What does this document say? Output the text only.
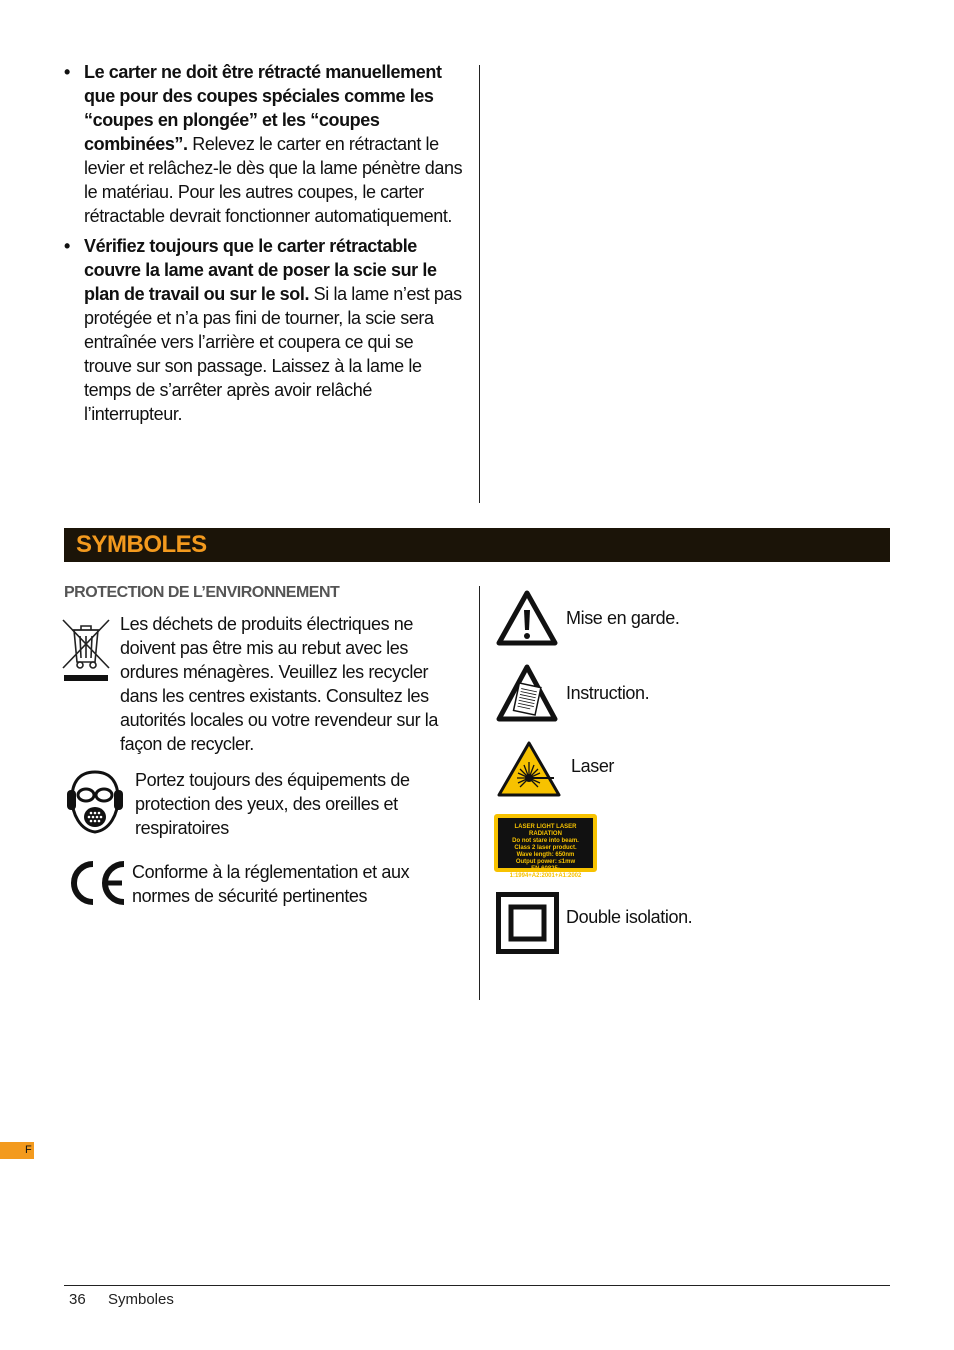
• Le carter ne doit être rétracté manuellement que pour des coupes spéciales comme les “coupes en plongée” et les “coupes combinées”. Relevez le carter en rétractant le levier et relâchez-le dès que la lame pénètre dans le matériau. Pour les autres coupes, le carter rétractable devrait fonctionner automatiquement.
• Vérifiez toujours que le carter rétractable couvre la lame avant de poser la scie sur le plan de travail ou sur le sol. Si la lame n’est pas protégée et n’a pas fini de tourner, la scie sera entraînée vers l’arrière et coupera ce qui se trouve sur son passage. Laissez à la lame le temps de s’arrêter après avoir relâché l’interrupteur.
SYMBOLES
PROTECTION DE L’ENVIRONNEMENT
Les déchets de produits électriques ne doivent pas être mis au rebut avec les ordures ménagères. Veuillez les recycler dans les centres existants. Consultez les autorités locales ou votre revendeur sur la façon de recycler.
Portez toujours des équipements de protection des yeux, des oreilles et respiratoires
Conforme à la réglementation et aux normes de sécurité pertinentes
Mise en garde.
Instruction.
Laser
LASER LIGHT LASER RADIATION
Do not stare into beam.
Class 2 laser product.
Wave length: 650nm
Output power: ≤1mw
EN 60825-1:1994+A2:2001+A1:2002
Double isolation.
F
36 Symboles
